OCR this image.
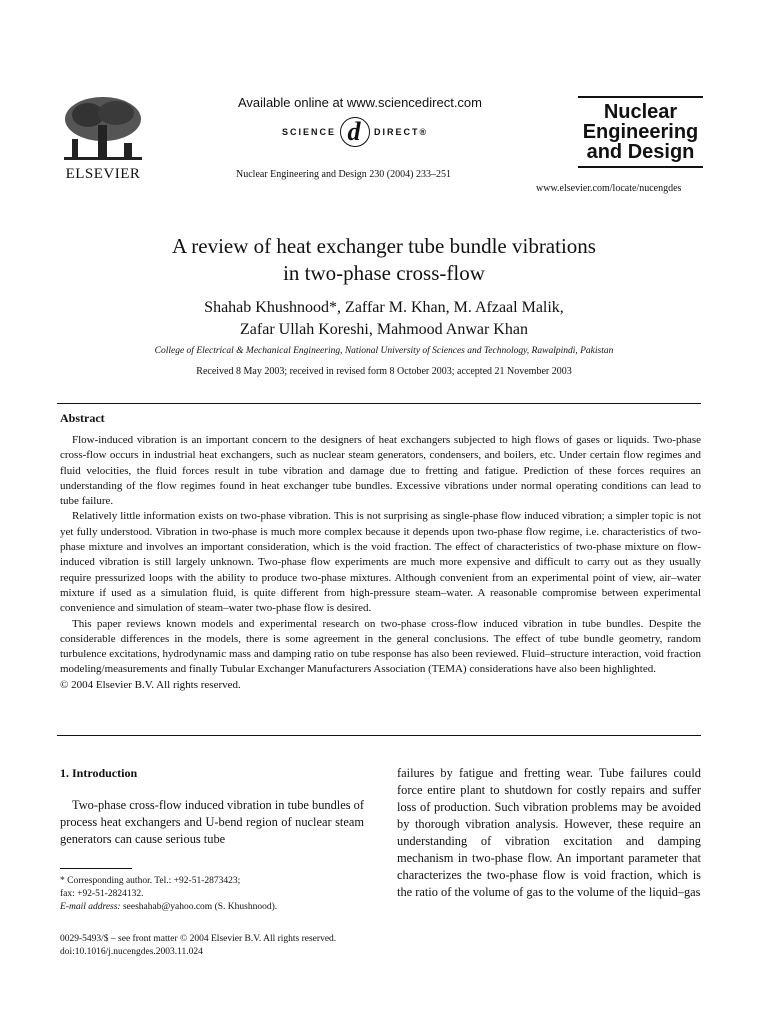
ELSEVIER
Available online at www.sciencedirect.com
SCIENCE d	DIRECT®
Nuclear Engineering and Design 230 (2004) 233–251
Nuclear
Engineering
and Design
www.elsevier.com/locate/nucengdes
A review of heat exchanger tube bundle vibrations
in two-phase cross-flow
Shahab Khushnood*, Zaffar M. Khan, M. Afzaal Malik,
Zafar Ullah Koreshi, Mahmood Anwar Khan
College of Electrical & Mechanical Engineering, National University of Sciences and Technology, Rawalpindi, Pakistan
Received 8 May 2003; received in revised form 8 October 2003; accepted 21 November 2003
Abstract

Flow-induced vibration is an important concern to the designers of heat exchangers subjected to high flows of gases or liquids. Two-phase cross-flow occurs in industrial heat exchangers, such as nuclear steam generators, condensers, and boilers, etc. Under certain flow regimes and fluid velocities, the fluid forces result in tube vibration and damage due to fretting and fatigue. Prediction of these forces requires an understanding of the flow regimes found in heat exchanger tube bundles. Excessive vibrations under normal operating conditions can lead to tube failure.

Relatively little information exists on two-phase vibration. This is not surprising as single-phase flow induced vibration; a simpler topic is not yet fully understood. Vibration in two-phase is much more complex because it depends upon two-phase flow regime, i.e. characteristics of two-phase mixture and involves an important consideration, which is the void fraction. The effect of characteristics of two-phase mixture on flow-induced vibration is still largely unknown. Two-phase flow experiments are much more expensive and difficult to carry out as they usually require pressurized loops with the ability to produce two-phase mixtures. Although convenient from an experimental point of view, air–water mixture if used as a simulation fluid, is quite different from high-pressure steam–water. A reasonable compromise between experimental convenience and simulation of steam–water two-phase flow is desired.

This paper reviews known models and experimental research on two-phase cross-flow induced vibration in tube bundles. Despite the considerable differences in the models, there is some agreement in the general conclusions. The effect of tube bundle geometry, random turbulence excitations, hydrodynamic mass and damping ratio on tube response has also been reviewed. Fluid–structure interaction, void fraction modeling/measurements and finally Tubular Exchanger Manufacturers Association (TEMA) considerations have also been highlighted.

© 2004 Elsevier B.V. All rights reserved.

1. Introduction

Two-phase cross-flow induced vibration in tube bundles of process heat exchangers and U-bend region of nuclear steam generators can cause serious tube

failures by fatigue and fretting wear. Tube failures could force entire plant to shutdown for costly repairs and suffer loss of production. Such vibration problems may be avoided by thorough vibration analysis. However, these require an understanding of vibration excitation and damping mechanism in two-phase flow. An important parameter that characterizes the two-phase flow is void fraction, which is the ratio of the volume of gas to the volume of the liquid–gas

* Corresponding author. Tel.: +92-51-2873423;
fax: +92-51-2824132.
E-mail address: seeshahab@yahoo.com (S. Khushnood).
0029-5493/$ – see front matter © 2004 Elsevier B.V. All rights reserved.
doi:10.1016/j.nucengdes.2003.11.024
